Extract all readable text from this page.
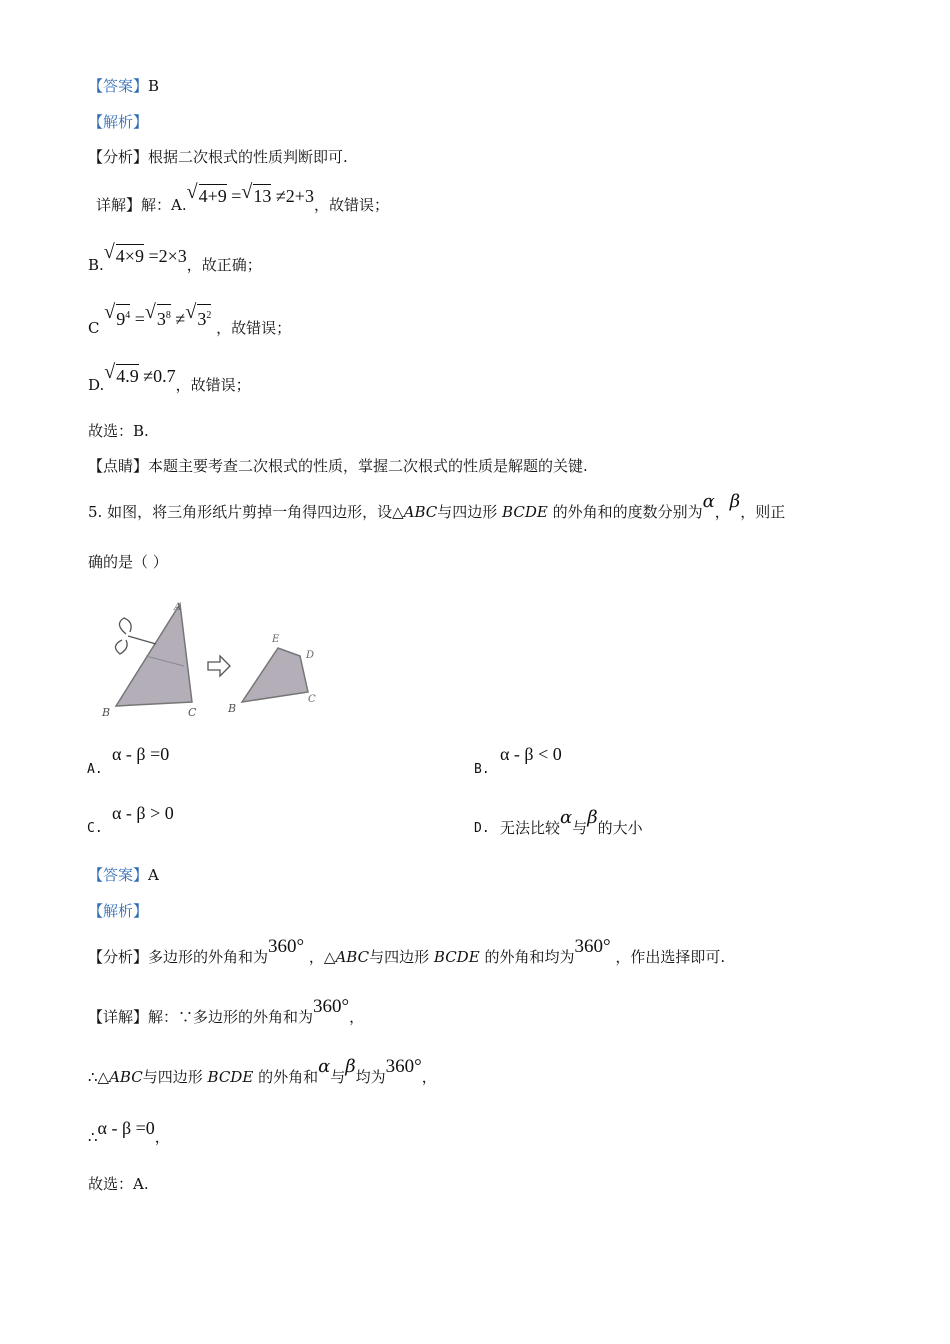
【答案】B
【解析】
【分析】根据二次根式的性质判断即可.
详解】解：A.
√ 4+9 = √ 13 ≠2+3，故错误；
B.
√ 4×9 =2×3，故正确；
C
√ $9^4$ = √ $3^8$ ≠ √ $3^2$ ，故错误；
D.
√ 4.9 ≠0.7，故错误；
故选：B.
【点睛】本题主要考查二次根式的性质，掌握二次根式的性质是解题的关键.
5. 如图，将三角形纸片剪掉一角得四边形，设△ABC与四边形 BCDE 的外角和的度数分别为α，β，则正
确的是（ ）
A
B	C
E
D
B
C
A.
α - β =0
B.
α - β < 0
C.
α - β > 0
D. 无法比较α与β的大小
【答案】A
【解析】
【分析】多边形的外角和为360° ，△ABC与四边形 BCDE 的外角和均为360° ，作出选择即可.
【详解】解：∵多边形的外角和为360°，
∴△ABC与四边形 BCDE 的外角和α与β均为360°，
∴α - β =0，
故选：A.
